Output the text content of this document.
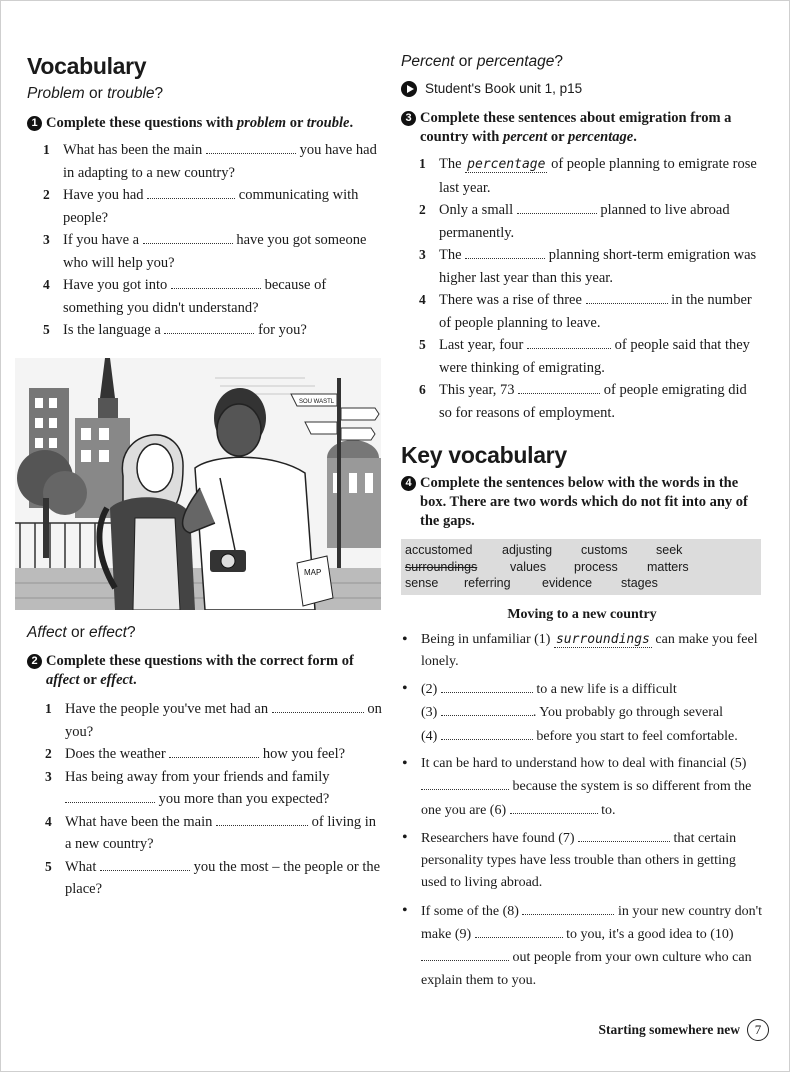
Vocabulary

Problem or trouble?

1 Complete these questions with problem or trouble.
1 What has been the main	you have had in adapting to a new country?
2 Have you had	communicating with people?
3 If you have a	have you got someone who will help you?
4 Have you got into	because of something you didn't understand?
5 Is the language a	for you?
SOU WASTL
MAP

Affect or effect?

2 Complete these questions with the correct form of affect or effect.
1 Have the people you've met had an	on you?
2 Does the weather	how you feel?
3 Has being away from your friends and family  you more than you expected?
4 What have been the main	of living in a new country?
5 What	you the most – the people or the place?

Percent or percentage?

Student's Book unit 1, p15
3 Complete these sentences about emigration from a country with percent or percentage.
1 The percentage of people planning to emigrate rose last year.
2 Only a small	planned to live abroad permanently.
3 The	planning short-term emigration was higher last year than this year.
4 There was a rise of three	in the number of people planning to leave.
5 Last year, four	of people said that they were thinking of emigrating.
6 This year, 73	of people emigrating did so for reasons of employment.
Key vocabulary
4 Complete the sentences below with the words in the box. There are two words which do not fit into any of the gaps.
accustomed	adjusting	customs	seek
surroundings	values	process	matters
sense	referring	evidence	stages

Moving to a new country

• Being in unfamiliar (1) surroundings can make you feel lonely.
• (2)	to a new life is a difficult
(3)	. You probably go through several
(4)	before you start to feel comfortable.
• It can be hard to understand how to deal with financial (5)  because the system is so different from the one you are (6)	to.
• Researchers have found (7)	that certain personality types have less trouble than others in getting used to living abroad.
• If some of the (8)	in your new country don't make (9)	to you, it's a good idea to (10)  out people from your own culture who can explain them to you.
Starting somewhere new	7
